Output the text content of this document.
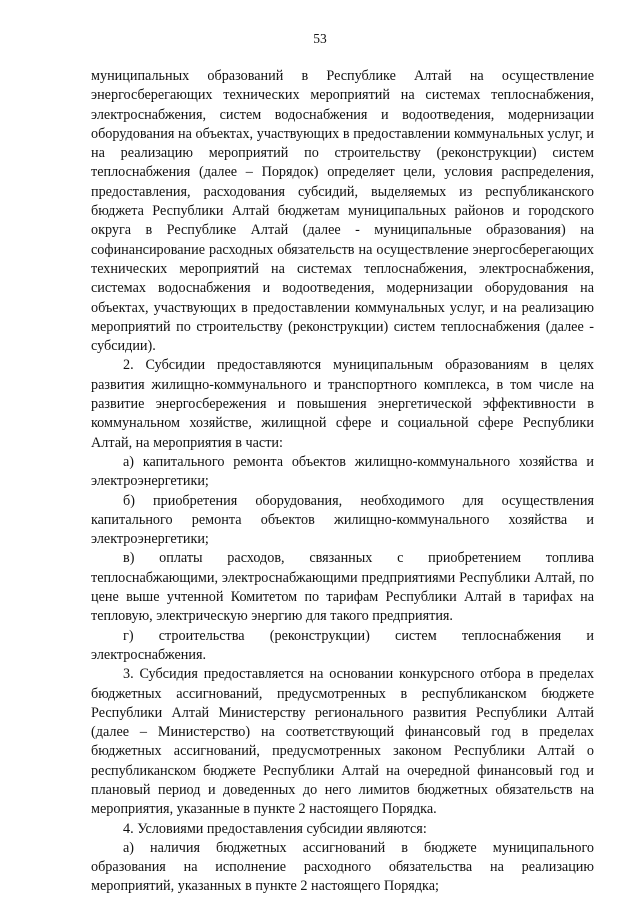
53

муниципальных образований в Республике Алтай на осуществление энергосберегающих технических мероприятий на системах теплоснабжения, электроснабжения, систем водоснабжения и водоотведения, модернизации оборудования на объектах, участвующих в предоставлении коммунальных услуг, и на реализацию мероприятий по строительству (реконструкции) систем теплоснабжения (далее – Порядок) определяет цели, условия распределения, предоставления, расходования субсидий, выделяемых из республиканского бюджета Республики Алтай бюджетам муниципальных районов и городского округа в Республике Алтай (далее - муниципальные образования) на софинансирование расходных обязательств на осуществление энергосберегающих технических мероприятий на системах теплоснабжения, электроснабжения, системах водоснабжения и водоотведения, модернизации оборудования на объектах, участвующих в предоставлении коммунальных услуг, и на реализацию мероприятий по строительству (реконструкции) систем теплоснабжения (далее - субсидии).

2. Субсидии предоставляются муниципальным образованиям в целях развития жилищно-коммунального и транспортного комплекса, в том числе на развитие энергосбережения и повышения энергетической эффективности в коммунальном хозяйстве, жилищной сфере и социальной сфере Республики Алтай, на мероприятия в части:

а) капитального ремонта объектов жилищно-коммунального хозяйства и электроэнергетики;

б) приобретения оборудования, необходимого для осуществления капитального ремонта объектов жилищно-коммунального хозяйства и электроэнергетики;

в) оплаты расходов, связанных с приобретением топлива теплоснабжающими, электроснабжающими предприятиями Республики Алтай, по цене выше учтенной Комитетом по тарифам Республики Алтай в тарифах на тепловую, электрическую энергию для такого предприятия.

г) строительства (реконструкции) систем теплоснабжения и электроснабжения.

3. Субсидия предоставляется на основании конкурсного отбора в пределах бюджетных ассигнований, предусмотренных в республиканском бюджете Республики Алтай Министерству регионального развития Республики Алтай (далее – Министерство) на соответствующий финансовый год в пределах бюджетных ассигнований, предусмотренных законом Республики Алтай о республиканском бюджете Республики Алтай на очередной финансовый год и плановый период и доведенных до него лимитов бюджетных обязательств на мероприятия, указанные в пункте 2 настоящего Порядка.

4. Условиями предоставления субсидии являются:

а) наличия бюджетных ассигнований в бюджете муниципального образования на исполнение расходного обязательства на реализацию мероприятий, указанных в пункте 2 настоящего Порядка;
